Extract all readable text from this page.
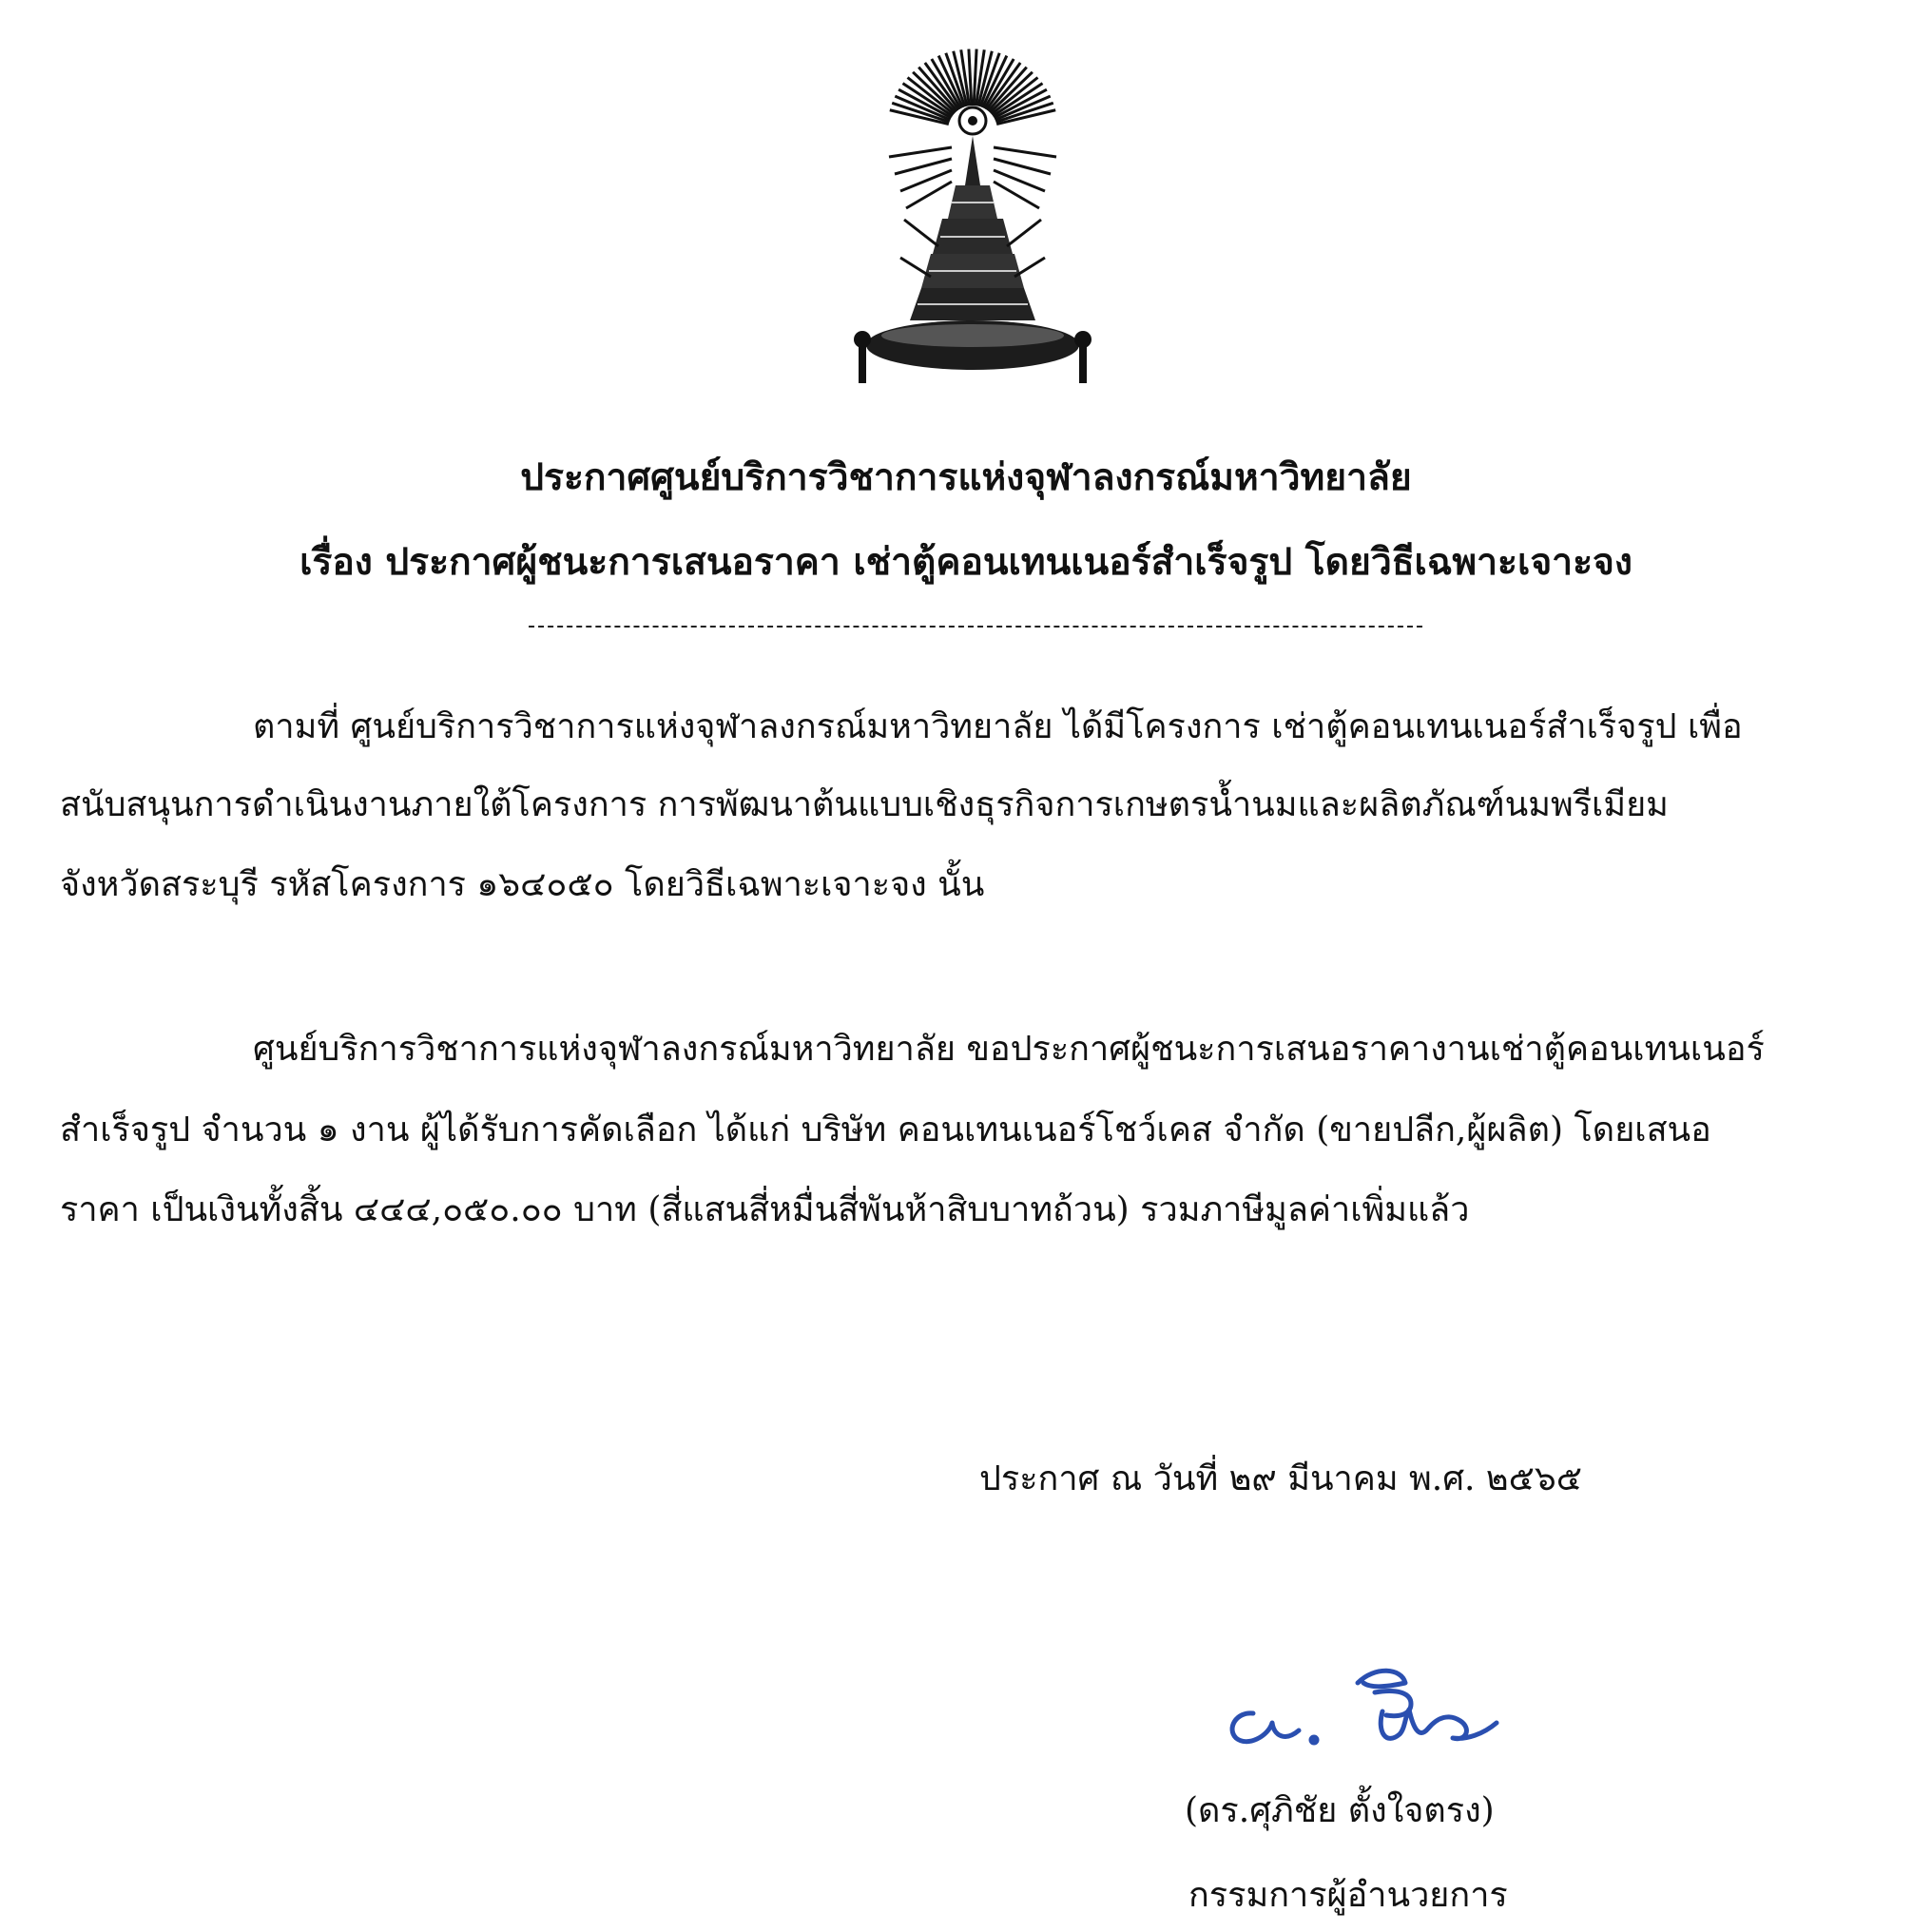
ประกาศศูนย์บริการวิชาการแห่งจุฬาลงกรณ์มหาวิทยาลัย
เรื่อง ประกาศผู้ชนะการเสนอราคา เช่าตู้คอนเทนเนอร์สำเร็จรูป โดยวิธีเฉพาะเจาะจง
ตามที่ ศูนย์บริการวิชาการแห่งจุฬาลงกรณ์มหาวิทยาลัย ได้มีโครงการ เช่าตู้คอนเทนเนอร์สำเร็จรูป เพื่อ
สนับสนุนการดำเนินงานภายใต้โครงการ การพัฒนาต้นแบบเชิงธุรกิจการเกษตรน้ำนมและผลิตภัณฑ์นมพรีเมียม
จังหวัดสระบุรี รหัสโครงการ ๑๖๔๐๕๐ โดยวิธีเฉพาะเจาะจง นั้น
ศูนย์บริการวิชาการแห่งจุฬาลงกรณ์มหาวิทยาลัย ขอประกาศผู้ชนะการเสนอราคางานเช่าตู้คอนเทนเนอร์
สำเร็จรูป จำนวน ๑ งาน ผู้ได้รับการคัดเลือก ได้แก่ บริษัท คอนเทนเนอร์โชว์เคส จำกัด (ขายปลีก,ผู้ผลิต) โดยเสนอ
ราคา เป็นเงินทั้งสิ้น ๔๔๔,๐๕๐.๐๐ บาท (สี่แสนสี่หมื่นสี่พันห้าสิบบาทถ้วน) รวมภาษีมูลค่าเพิ่มแล้ว
ประกาศ ณ วันที่ ๒๙ มีนาคม พ.ศ. ๒๕๖๕
(ดร.ศุภิชัย ตั้งใจตรง)
กรรมการผู้อำนวยการ
